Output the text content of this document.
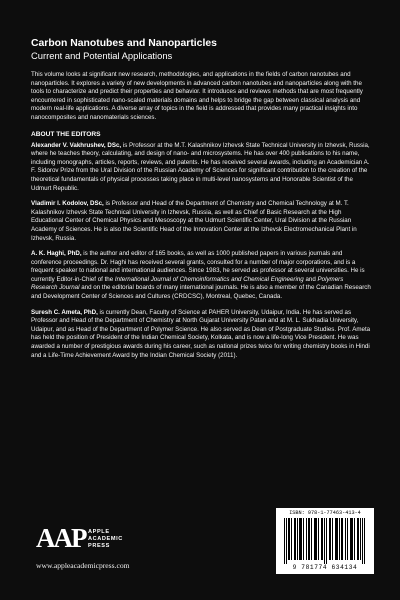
Carbon Nanotubes and Nanoparticles
Current and Potential Applications

This volume looks at significant new research, methodologies, and applications in the fields of carbon nanotubes and nanoparticles. It explores a variety of new developments in advanced carbon nanotubes and nanoparticles along with the tools to characterize and predict their properties and behavior. It introduces and reviews methods that are most frequently encountered in sophisticated nano-scaled materials domains and helps to bridge the gap between classical analysis and modern real-life applications. A diverse array of topics in the field is addressed that provides many practical insights into nanocomposites and nanomaterials sciences.

ABOUT THE EDITORS

Alexander V. Vakhrushev, DSc, is Professor at the M.T. Kalashnikov Izhevsk State Technical University in Izhevsk, Russia, where he teaches theory, calculating, and design of nano- and microsystems. He has over 400 publications to his name, including monographs, articles, reports, reviews, and patents. He has received several awards, including an Academician A. F. Sidorov Prize from the Ural Division of the Russian Academy of Sciences for significant contribution to the creation of the theoretical fundamentals of physical processes taking place in multi-level nanosystems and Honorable Scientist of the Udmurt Republic.

Vladimir I. Kodolov, DSc, is Professor and Head of the Department of Chemistry and Chemical Technology at M. T. Kalashnikov Izhevsk State Technical University in Izhevsk, Russia, as well as Chief of Basic Research at the High Educational Center of Chemical Physics and Mesoscopy at the Udmurt Scientific Center, Ural Division at the Russian Academy of Sciences. He is also the Scientific Head of the Innovation Center at the Izhevsk Electromechanical Plant in Izhevsk, Russia.

A. K. Haghi, PhD, is the author and editor of 165 books, as well as 1000 published papers in various journals and conference proceedings. Dr. Haghi has received several grants, consulted for a number of major corporations, and is a frequent speaker to national and international audiences. Since 1983, he served as professor at several universities. He is currently Editor-in-Chief of the International Journal of Chemoinformatics and Chemical Engineering and Polymers Research Journal and on the editorial boards of many international journals. He is also a member of the Canadian Research and Development Center of Sciences and Cultures (CRDCSC), Montreal, Quebec, Canada.

Suresh C. Ameta, PhD, is currently Dean, Faculty of Science at PAHER University, Udaipur, India. He has served as Professor and Head of the Department of Chemistry at North Gujarat University Patan and at M. L. Sukhadia University, Udaipur, and as Head of the Department of Polymer Science. He also served as Dean of Postgraduate Studies. Prof. Ameta has held the position of President of the Indian Chemical Society, Kolkata, and is now a life-long Vice President. He was awarded a number of prestigious awards during his career, such as national prizes twice for writing chemistry books in Hindi and a Life-Time Achievement Award by the Indian Chemical Society (2011).

AAP APPLE
ACADEMIC
PRESS
www.appleacademicpress.com
ISBN: 978-1-77463-413-4
9 781774 634134
